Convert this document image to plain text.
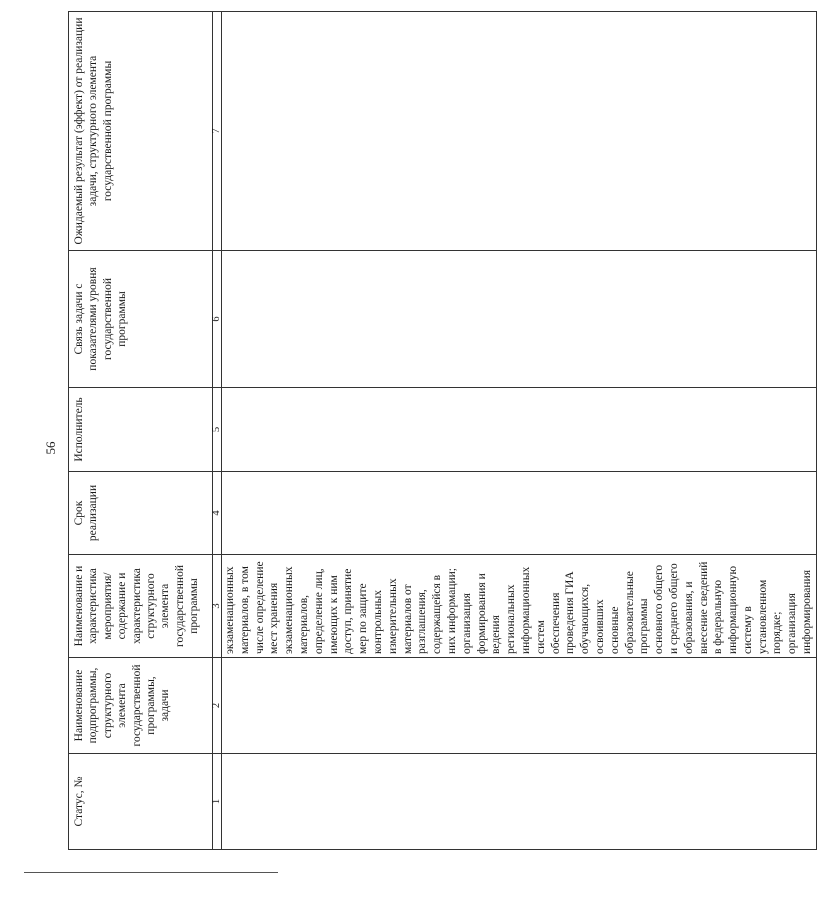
56
Статус, №	Наименование подпрограммы, структурного элемента государственной программы, задачи	Наименование и характеристика мероприятия/содержание и характеристика структурного элемента государственной программы	Срок реализации	Исполнитель	Связь задачи с показателями уровня государственной программы	Ожидаемый результат (эффект) от реализации задачи, структурного элемента государственной программы
1	2	3	4	5	6	7

		экзаменационных материалов, в том числе определение мест хранения экзаменационных материалов, определение лиц, имеющих к ним доступ, принятие мер по защите контрольных измерительных материалов от разглашения, содержащейся в них информации; организация формирования и ведения региональных информационных систем обеспечения проведения ГИА обучающихся, освоивших основные образовательные программы основного общего и среднего общего образования, и внесение сведений в федеральную информационную систему в установленном порядке; организация информирования				
